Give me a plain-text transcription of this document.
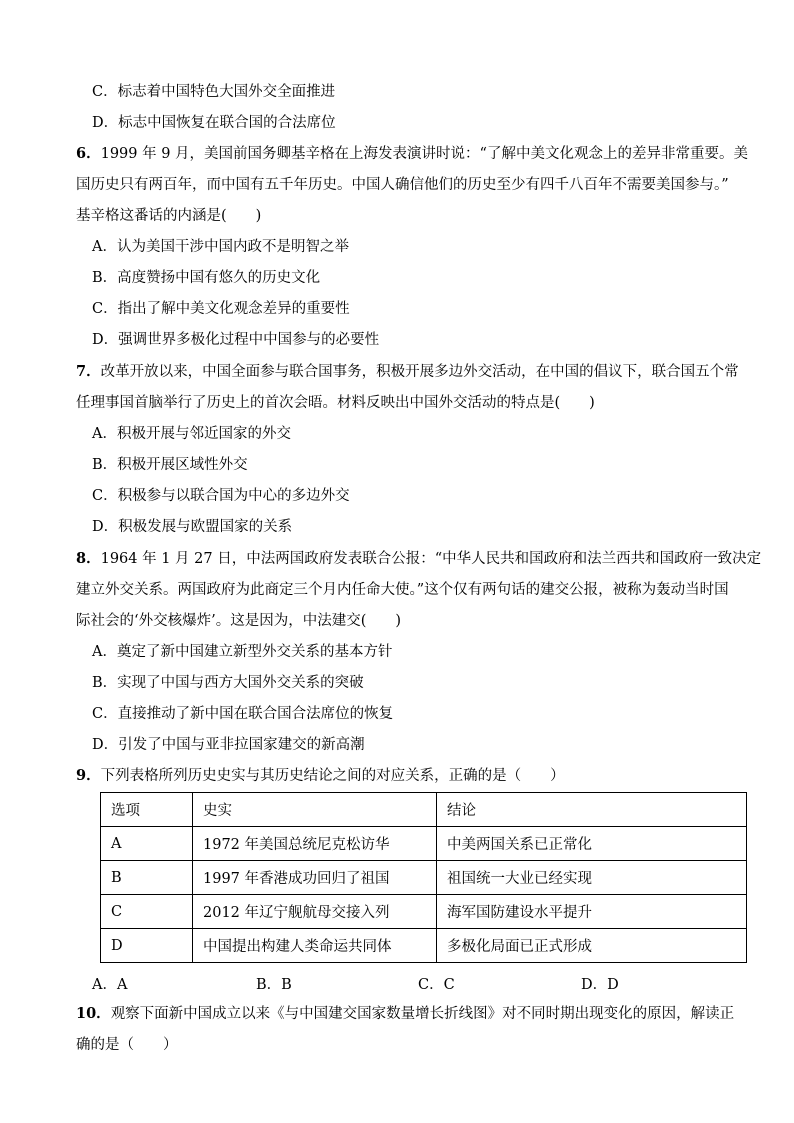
C．标志着中国特色大国外交全面推进
D．标志中国恢复在联合国的合法席位
6．1999 年 9 月，美国前国务卿基辛格在上海发表演讲时说：“了解中美文化观念上的差异非常重要。美
国历史只有两百年，而中国有五千年历史。中国人确信他们的历史至少有四千八百年不需要美国参与。”
基辛格这番话的内涵是(　　)
A．认为美国干涉中国内政不是明智之举
B．高度赞扬中国有悠久的历史文化
C．指出了解中美文化观念差异的重要性
D．强调世界多极化过程中中国参与的必要性
7．改革开放以来，中国全面参与联合国事务，积极开展多边外交活动，在中国的倡议下，联合国五个常
任理事国首脑举行了历史上的首次会晤。材料反映出中国外交活动的特点是(　　)
A．积极开展与邻近国家的外交
B．积极开展区域性外交
C．积极参与以联合国为中心的多边外交
D．积极发展与欧盟国家的关系
8．1964 年 1 月 27 日，中法两国政府发表联合公报：“中华人民共和国政府和法兰西共和国政府一致决定
建立外交关系。两国政府为此商定三个月内任命大使。”这个仅有两句话的建交公报，被称为轰动当时国
际社会的‘外交核爆炸’。这是因为，中法建交(　　)
A．奠定了新中国建立新型外交关系的基本方针
B．实现了中国与西方大国外交关系的突破
C．直接推动了新中国在联合国合法席位的恢复
D．引发了中国与亚非拉国家建交的新高潮
9．下列表格所列历史史实与其历史结论之间的对应关系，正确的是（　　）
选项	史实	结论
A	1972 年美国总统尼克松访华	中美两国关系已正常化
B	1997 年香港成功回归了祖国	祖国统一大业已经实现
C	2012 年辽宁舰航母交接入列	海军国防建设水平提升
D	中国提出构建人类命运共同体	多极化局面已正式形成
A．A	B．B	C．C	D．D
10．观察下面新中国成立以来《与中国建交国家数量增长折线图》对不同时期出现变化的原因，解读正
确的是（　　）
